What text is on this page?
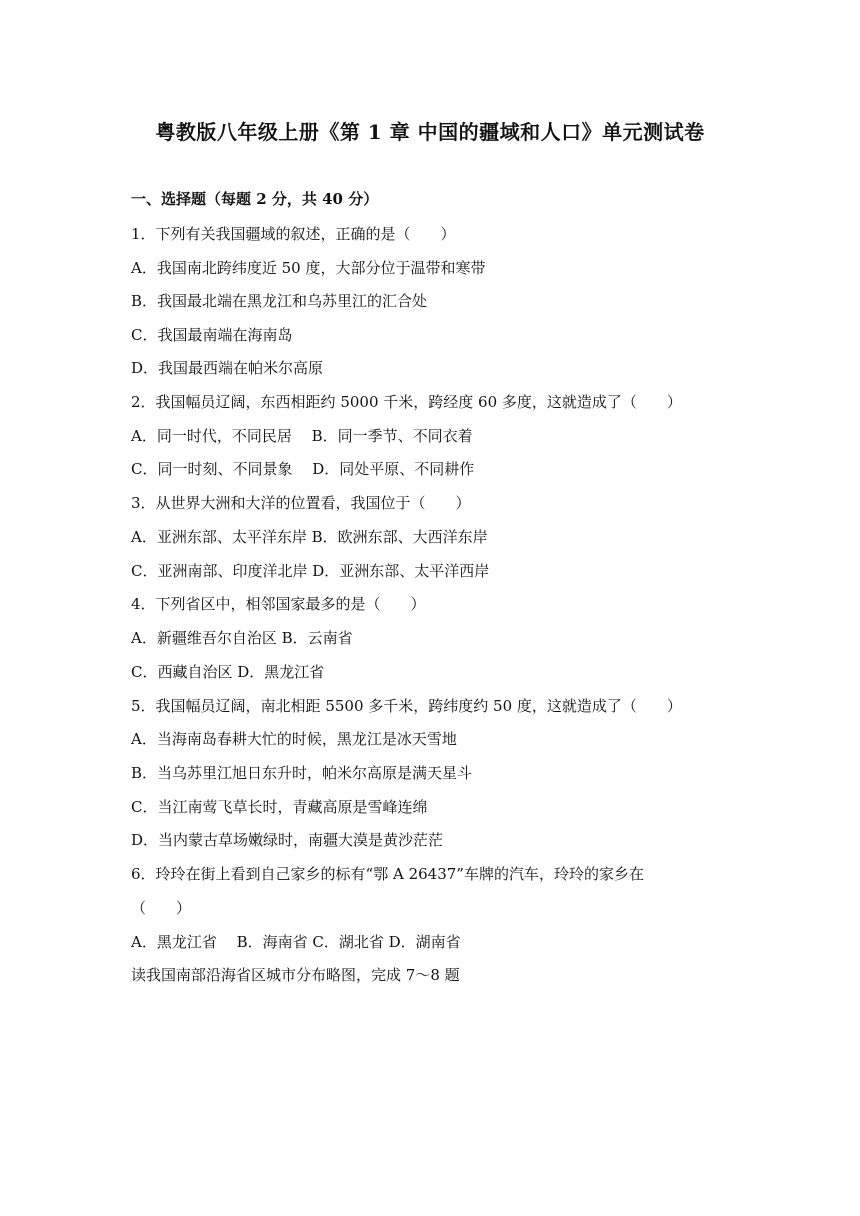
粤教版八年级上册《第 1 章 中国的疆域和人口》单元测试卷
一、选择题（每题 2 分，共 40 分）
1．下列有关我国疆域的叙述，正确的是（　　）
A．我国南北跨纬度近 50 度，大部分位于温带和寒带
B．我国最北端在黑龙江和乌苏里江的汇合处
C．我国最南端在海南岛
D．我国最西端在帕米尔高原
2．我国幅员辽阔，东西相距约 5000 千米，跨经度 60 多度，这就造成了（　　）
A．同一时代，不同民居　 B．同一季节、不同衣着
C．同一时刻、不同景象　 D．同处平原、不同耕作
3．从世界大洲和大洋的位置看，我国位于（　　）
A．亚洲东部、太平洋东岸 B．欧洲东部、大西洋东岸
C．亚洲南部、印度洋北岸 D．亚洲东部、太平洋西岸
4．下列省区中，相邻国家最多的是（　　）
A．新疆维吾尔自治区 B．云南省
C．西藏自治区 D．黑龙江省
5．我国幅员辽阔，南北相距 5500 多千米，跨纬度约 50 度，这就造成了（　　）
A．当海南岛春耕大忙的时候，黑龙江是冰天雪地
B．当乌苏里江旭日东升时，帕米尔高原是满天星斗
C．当江南莺飞草长时，青藏高原是雪峰连绵
D．当内蒙古草场嫩绿时，南疆大漠是黄沙茫茫
6．玲玲在街上看到自己家乡的标有“鄂 A 26437”车牌的汽车，玲玲的家乡在
（　　）
A．黑龙江省　 B．海南省 C．湖北省 D．湖南省
读我国南部沿海省区城市分布略图，完成 7～8 题
